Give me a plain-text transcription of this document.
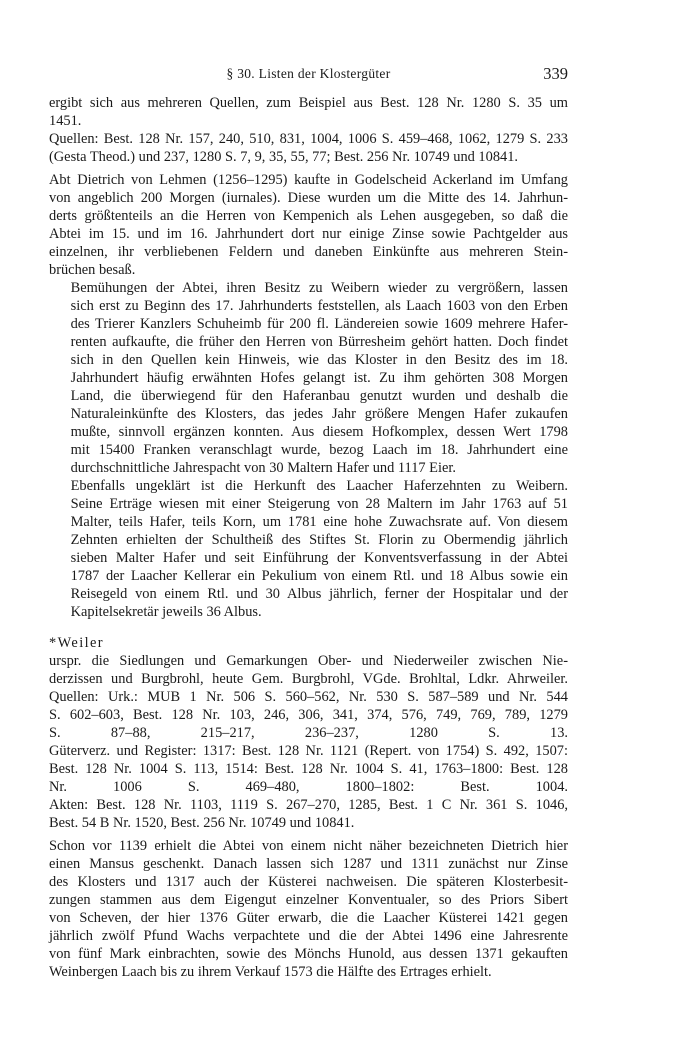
§ 30. Listen der Klostergüter	339
ergibt sich aus mehreren Quellen, zum Beispiel aus Best. 128 Nr. 1280 S. 35 um
1451.
Quellen: Best. 128 Nr. 157, 240, 510, 831, 1004, 1006 S. 459–468, 1062, 1279 S. 233
(Gesta Theod.) und 237, 1280 S. 7, 9, 35, 55, 77; Best. 256 Nr. 10749 und 10841.
Abt Dietrich von Lehmen (1256–1295) kaufte in Godelscheid Ackerland im Umfang
von angeblich 200 Morgen (iurnales). Diese wurden um die Mitte des 14. Jahrhun-
derts größtenteils an die Herren von Kempenich als Lehen ausgegeben, so daß die
Abtei im 15. und im 16. Jahrhundert dort nur einige Zinse sowie Pachtgelder aus
einzelnen, ihr verbliebenen Feldern und daneben Einkünfte aus mehreren Stein-
brüchen besaß.
Bemühungen der Abtei, ihren Besitz zu Weibern wieder zu vergrößern, lassen
sich erst zu Beginn des 17. Jahrhunderts feststellen, als Laach 1603 von den Erben
des Trierer Kanzlers Schuheimb für 200 fl. Ländereien sowie 1609 mehrere Hafer-
renten aufkaufte, die früher den Herren von Bürresheim gehört hatten. Doch findet
sich in den Quellen kein Hinweis, wie das Kloster in den Besitz des im 18.
Jahrhundert häufig erwähnten Hofes gelangt ist. Zu ihm gehörten 308 Morgen
Land, die überwiegend für den Haferanbau genutzt wurden und deshalb die
Naturaleinkünfte des Klosters, das jedes Jahr größere Mengen Hafer zukaufen
mußte, sinnvoll ergänzen konnten. Aus diesem Hofkomplex, dessen Wert 1798
mit 15400 Franken veranschlagt wurde, bezog Laach im 18. Jahrhundert eine
durchschnittliche Jahrespacht von 30 Maltern Hafer und 1117 Eier.
Ebenfalls ungeklärt ist die Herkunft des Laacher Haferzehnten zu Weibern.
Seine Erträge wiesen mit einer Steigerung von 28 Maltern im Jahr 1763 auf 51
Malter, teils Hafer, teils Korn, um 1781 eine hohe Zuwachsrate auf. Von diesem
Zehnten erhielten der Schultheiß des Stiftes St. Florin zu Obermendig jährlich
sieben Malter Hafer und seit Einführung der Konventsverfassung in der Abtei
1787 der Laacher Kellerar ein Pekulium von einem Rtl. und 18 Albus sowie ein
Reisegeld von einem Rtl. und 30 Albus jährlich, ferner der Hospitalar und der
Kapitelsekretär jeweils 36 Albus.
*Weiler
urspr. die Siedlungen und Gemarkungen Ober- und Niederweiler zwischen Nie-
derzissen und Burgbrohl, heute Gem. Burgbrohl, VGde. Brohltal, Ldkr. Ahrweiler.
Quellen: Urk.: MUB 1 Nr. 506 S. 560–562, Nr. 530 S. 587–589 und Nr. 544
S. 602–603, Best. 128 Nr. 103, 246, 306, 341, 374, 576, 749, 769, 789, 1279
S. 87–88, 215–217, 236–237, 1280 S. 13.
Güterverz. und Register: 1317: Best. 128 Nr. 1121 (Repert. von 1754) S. 492, 1507:
Best. 128 Nr. 1004 S. 113, 1514: Best. 128 Nr. 1004 S. 41, 1763–1800: Best. 128
Nr. 1006 S. 469–480, 1800–1802: Best. 1004.
Akten: Best. 128 Nr. 1103, 1119 S. 267–270, 1285, Best. 1 C Nr. 361 S. 1046,
Best. 54 B Nr. 1520, Best. 256 Nr. 10749 und 10841.
Schon vor 1139 erhielt die Abtei von einem nicht näher bezeichneten Dietrich hier
einen Mansus geschenkt. Danach lassen sich 1287 und 1311 zunächst nur Zinse
des Klosters und 1317 auch der Küsterei nachweisen. Die späteren Klosterbesit-
zungen stammen aus dem Eigengut einzelner Konventualer, so des Priors Sibert
von Scheven, der hier 1376 Güter erwarb, die die Laacher Küsterei 1421 gegen
jährlich zwölf Pfund Wachs verpachtete und die der Abtei 1496 eine Jahresrente
von fünf Mark einbrachten, sowie des Mönchs Hunold, aus dessen 1371 gekauften
Weinbergen Laach bis zu ihrem Verkauf 1573 die Hälfte des Ertrages erhielt.
